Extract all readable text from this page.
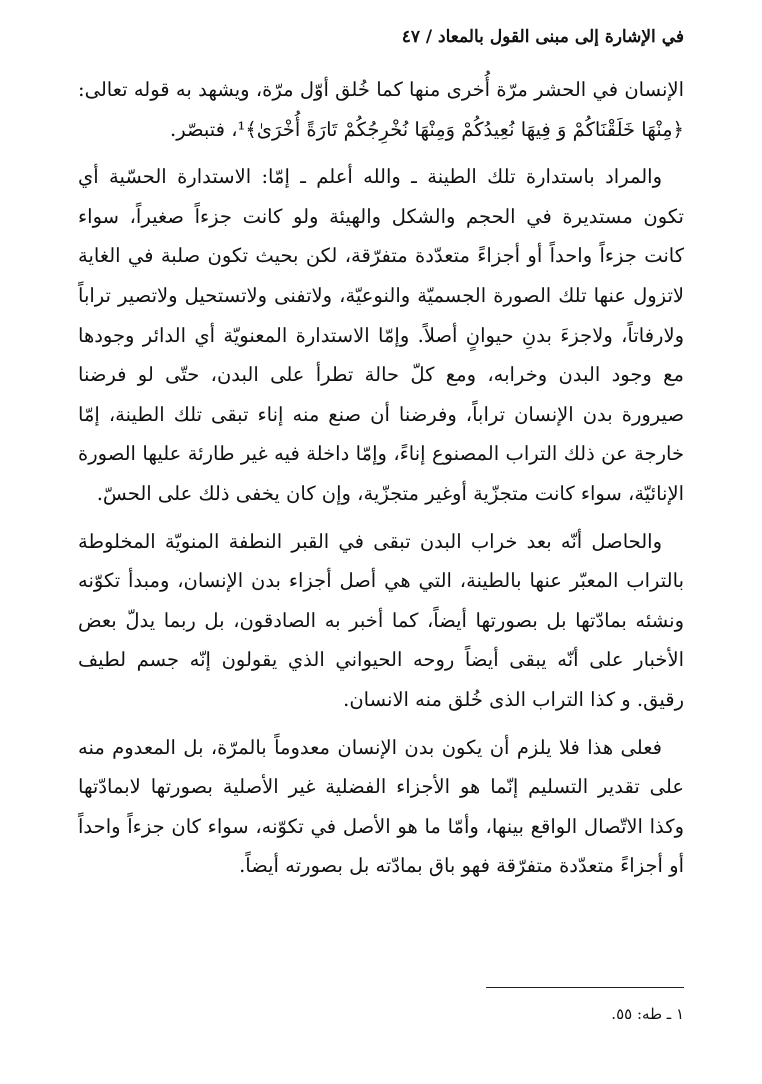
في الإشارة إلى مبنى القول بالمعاد / ٤٧

الإنسان في الحشر مرّة أُخرى منها كما خُلق أوّل مرّة، ويشهد به قوله تعالى: ﴿مِنْهَا خَلَقْنَاكُمْ وَ فِيهَا نُعِيدُكُمْ وَمِنْهَا نُخْرِجُكُمْ تَارَةً أُخْرَىٰ﴾¹، فتبصّر.

والمراد باستدارة تلك الطينة ـ والله أعلم ـ إمّا: الاستدارة الحسّية أي تكون مستديرة في الحجم والشكل والهيئة ولو كانت جزءاً صغيراً، سواء كانت جزءاً واحداً أو أجزاءً متعدّدة متفرّقة، لكن بحيث تكون صلبة في الغاية لاتزول عنها تلك الصورة الجسميّة والنوعيّة، ولاتفنى ولاتستحيل ولاتصير تراباً ولارفاتاً، ولاجزءَ بدنِ حيوانٍ أصلاً. وإمّا الاستدارة المعنويّة أي الدائر وجودها مع وجود البدن وخرابه، ومع كلّ حالة تطرأ على البدن، حتّى لو فرضنا صيرورة بدن الإنسان تراباً، وفرضنا أن صنع منه إناء تبقى تلك الطينة، إمّا خارجة عن ذلك التراب المصنوع إناءً، وإمّا داخلة فيه غير طارئة عليها الصورة الإنائيّة، سواء كانت متجزّية أوغير متجزّية، وإن كان يخفى ذلك على الحسّ.

والحاصل أنّه بعد خراب البدن تبقى في القبر النطفة المنويّة المخلوطة بالتراب المعبّر عنها بالطينة، التي هي أصل أجزاء بدن الإنسان، ومبدأ تكوّنه ونشئه بمادّتها بل بصورتها أيضاً، كما أخبر به الصادقون، بل ربما يدلّ بعض الأخبار على أنّه يبقى أيضاً روحه الحيواني الذي يقولون إنّه جسم لطيف رقيق. و كذا التراب الذى خُلق منه الانسان.

فعلى هذا فلا يلزم أن يكون بدن الإنسان معدوماً بالمرّة، بل المعدوم منه على تقدير التسليم إنّما هو الأجزاء الفضلية غير الأصلية بصورتها لابمادّتها وكذا الاتّصال الواقع بينها، وأمّا ما هو الأصل في تكوّنه، سواء كان جزءاً واحداً أو أجزاءً متعدّدة متفرّقة فهو باق بمادّته بل بصورته أيضاً.

١ ـ طه: ٥٥.
